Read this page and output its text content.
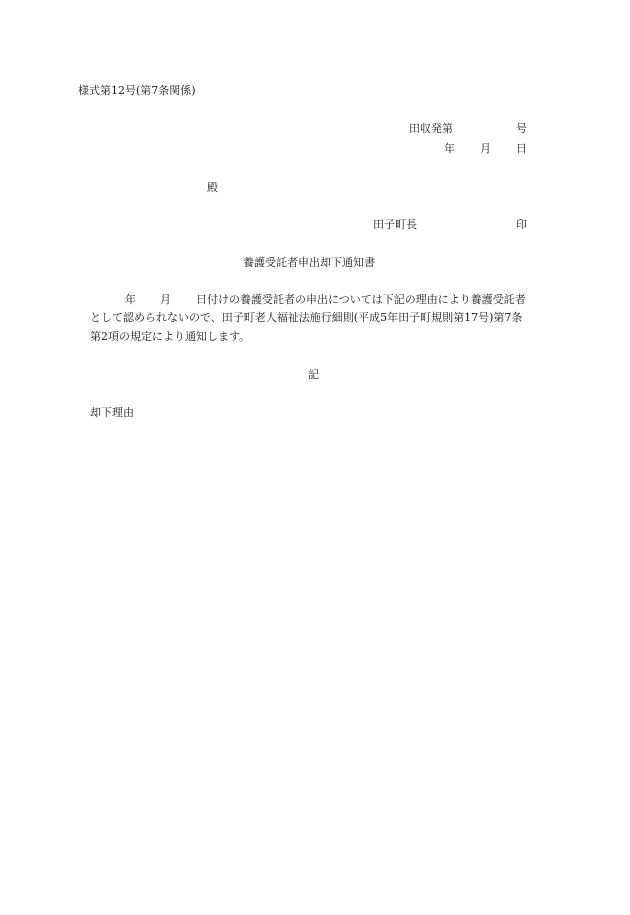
様式第12号(第7条関係)
田収発第	号
年 月 日
殿
田子町長	印
養護受託者申出却下通知書
年 月 日付けの養護受託者の申出については下記の理由により養護受託者
として認められないので、田子町老人福祉法施行細則(平成5年田子町規則第17号)第7条
第2項の規定により通知します。
記
却下理由
